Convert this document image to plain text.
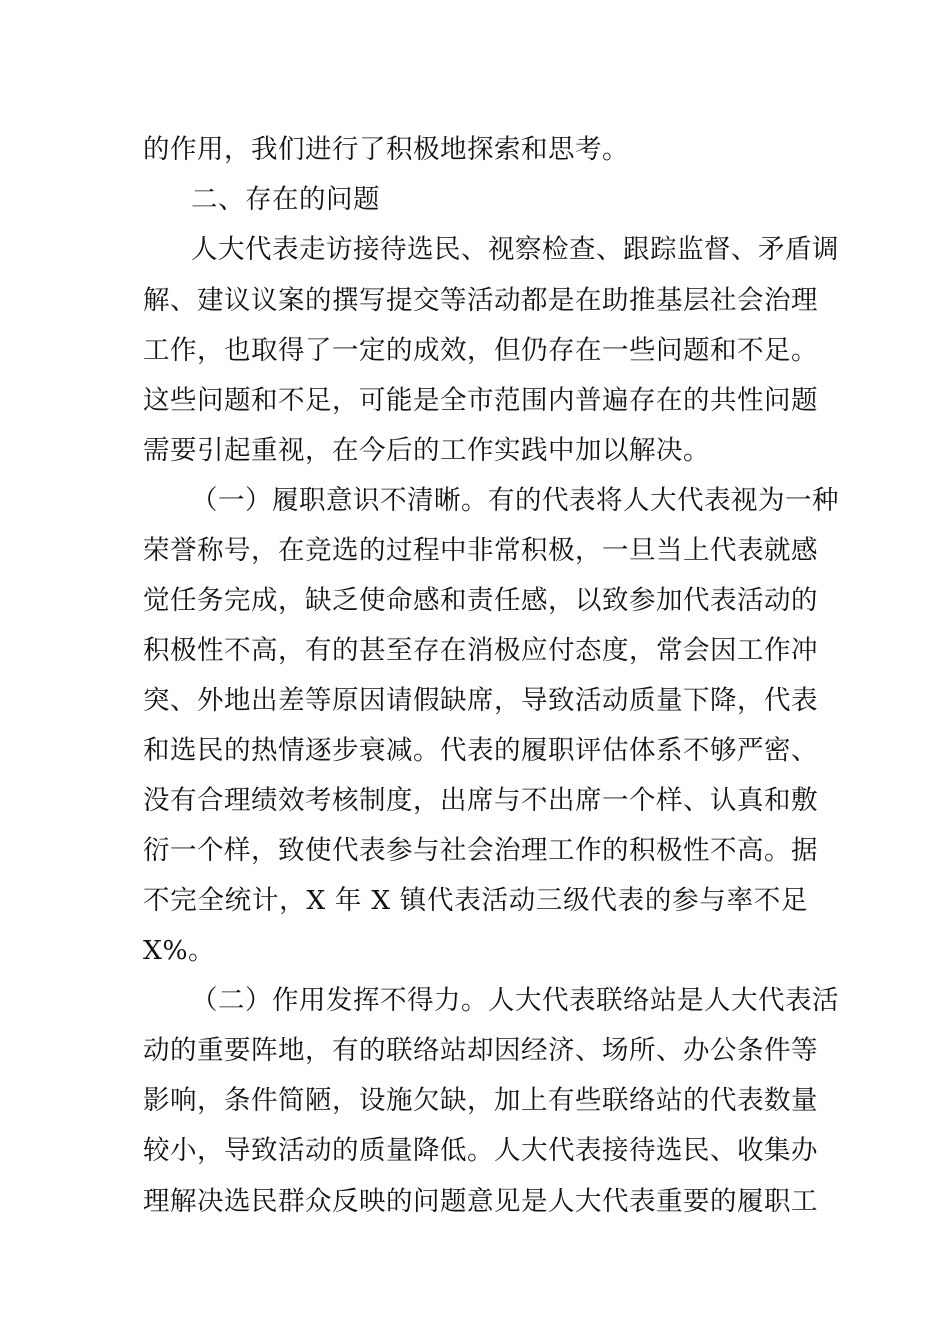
的作用，我们进行了积极地探索和思考。
二、存在的问题
人大代表走访接待选民、视察检查、跟踪监督、矛盾调
解、建议议案的撰写提交等活动都是在助推基层社会治理
工作，也取得了一定的成效，但仍存在一些问题和不足。
这些问题和不足，可能是全市范围内普遍存在的共性问题
需要引起重视，在今后的工作实践中加以解决。
（一）履职意识不清晰。有的代表将人大代表视为一种
荣誉称号，在竞选的过程中非常积极，一旦当上代表就感
觉任务完成，缺乏使命感和责任感，以致参加代表活动的
积极性不高，有的甚至存在消极应付态度，常会因工作冲
突、外地出差等原因请假缺席，导致活动质量下降，代表
和选民的热情逐步衰减。代表的履职评估体系不够严密、
没有合理绩效考核制度，出席与不出席一个样、认真和敷
衍一个样，致使代表参与社会治理工作的积极性不高。据
不完全统计，X 年 X 镇代表活动三级代表的参与率不足
X%。
（二）作用发挥不得力。人大代表联络站是人大代表活
动的重要阵地，有的联络站却因经济、场所、办公条件等
影响，条件简陋，设施欠缺，加上有些联络站的代表数量
较小，导致活动的质量降低。人大代表接待选民、收集办
理解决选民群众反映的问题意见是人大代表重要的履职工
